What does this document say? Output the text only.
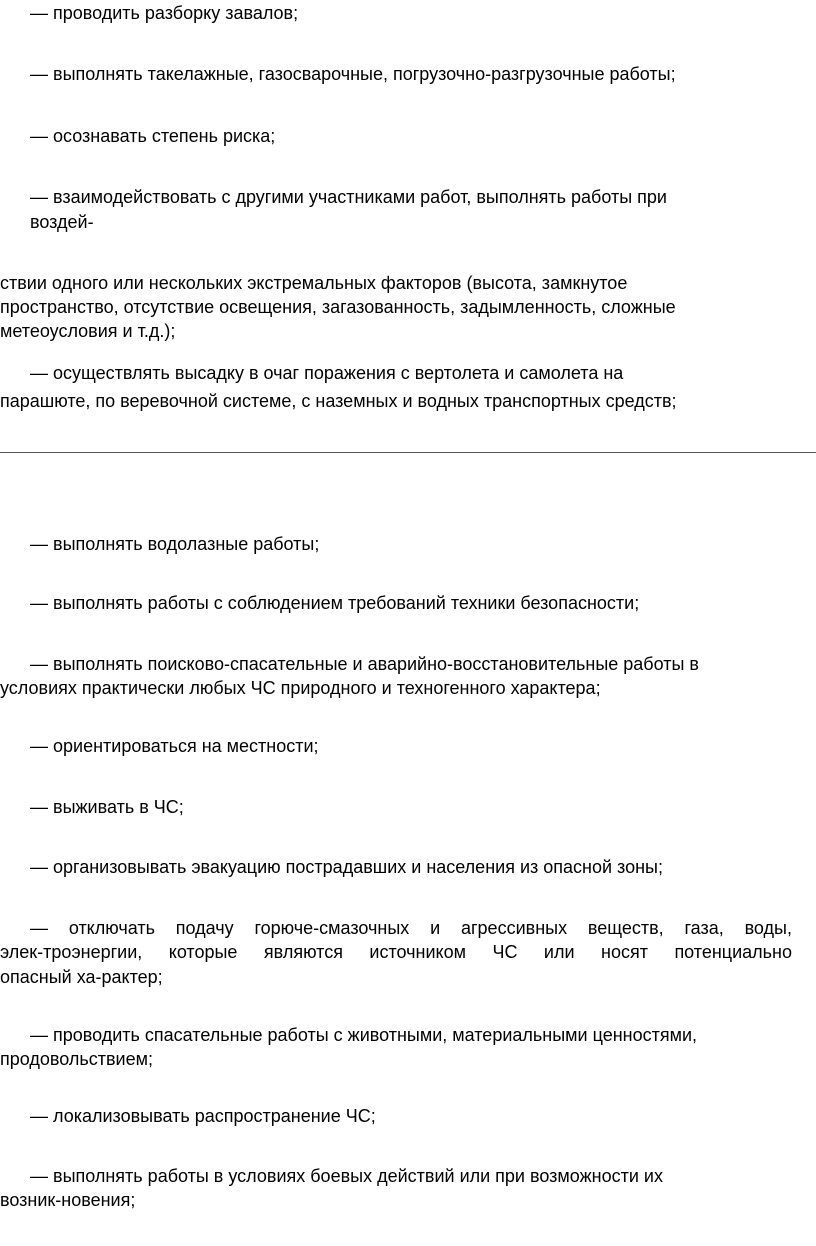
— проводить разборку завалов;

— выполнять такелажные, газосварочные, погрузочно-разгрузочные работы;

— осознавать степень риска;

— взаимодействовать с другими участниками работ, выполнять работы при

воздей-

ствии одного или нескольких экстремальных факторов (высота, замкнутое

пространство, отсутствие освещения, загазованность, задымленность, сложные

метеоусловия и т.д.);

— осуществлять высадку в очаг поражения с вертолета и самолета на

парашюте, по веревочной системе, с наземных и водных транспортных средств;

— выполнять водолазные работы;

— выполнять работы с соблюдением требований техники безопасности;

— выполнять поисково-спасательные и аварийно-восстановительные работы в

условиях практически любых ЧС природного и техногенного характера;

— ориентироваться на местности;

— выживать в ЧС;

— организовывать эвакуацию пострадавших и населения из опасной зоны;

— отключать подачу горюче-смазочных и агрессивных веществ, газа, воды,

элек-троэнергии, которые являются источником ЧС или носят потенциально

опасный ха-рактер;

— проводить спасательные работы с животными, материальными ценностями,

продовольствием;

— локализовывать распространение ЧС;

— выполнять работы в условиях боевых действий или при возможности их

возник-новения;
